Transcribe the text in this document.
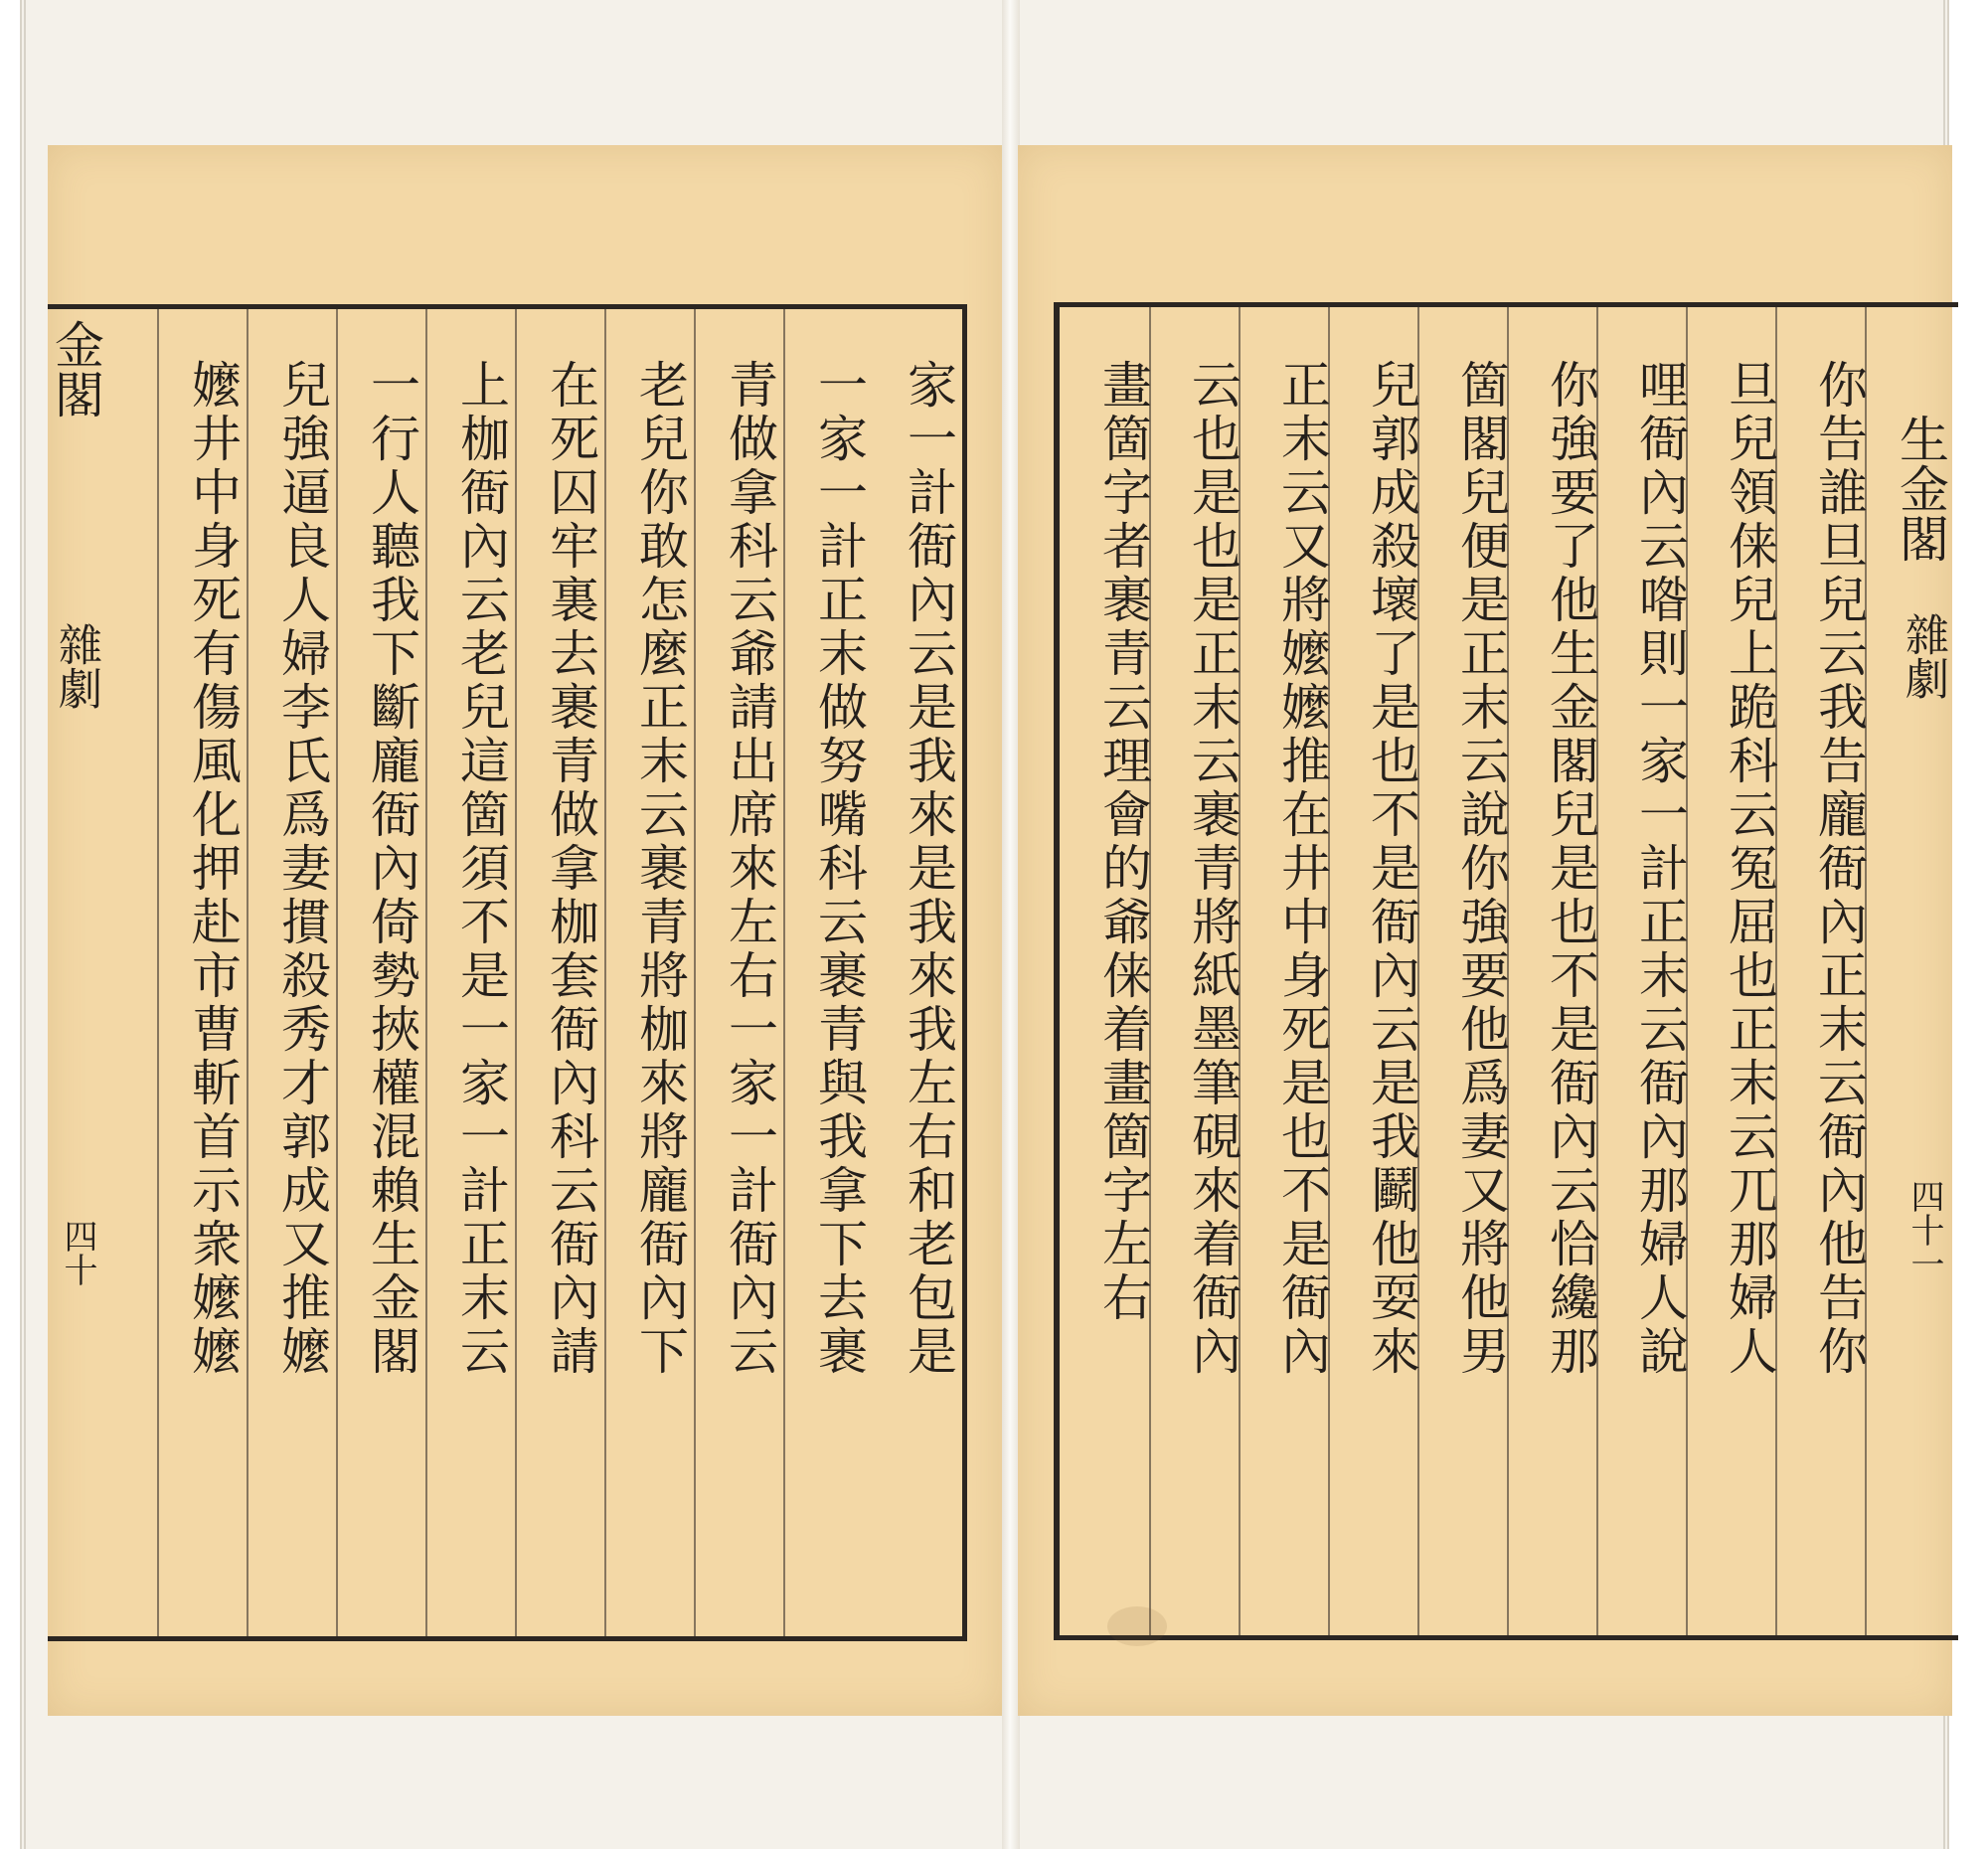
金閣
雜劇
四十	家一計衙內云是我來是我來我左右和老包是
一家一計正末做努嘴科云裹青與我拿下去裹
青做拿科云爺請出席來左右一家一計衙內云
老兒你敢怎麼正末云裹青將枷來將龐衙內下
在死囚牢裏去裹青做拿枷套衙內科云衙內請
上枷衙內云老兒這箇須不是一家一計正末云
一行人聽我下斷龐衙內倚勢挾權混賴生金閣
兒強逼良人婦李氏爲妻摜殺秀才郭成又推嬤
嬤井中身死有傷風化押赴市曹斬首示衆嬤嬤	生金閣
雜劇
四十一
你告誰旦兒云我告龐衙內正末云衙內他告你
旦兒領俫兒上跪科云冤屈也正末云兀那婦人
哩衙內云喒則一家一計正末云衙內那婦人說
你強要了他生金閣兒是也不是衙內云恰纔那
箇閣兒便是正末云說你強要他爲妻又將他男
兒郭成殺壞了是也不是衙內云是我鬬他耍來
正末云又將嬤嬤推在井中身死是也不是衙內
云也是也是正末云裹青將紙墨筆硯來着衙內
畫箇字者裹青云理會的爺俫着畫箇字左右
